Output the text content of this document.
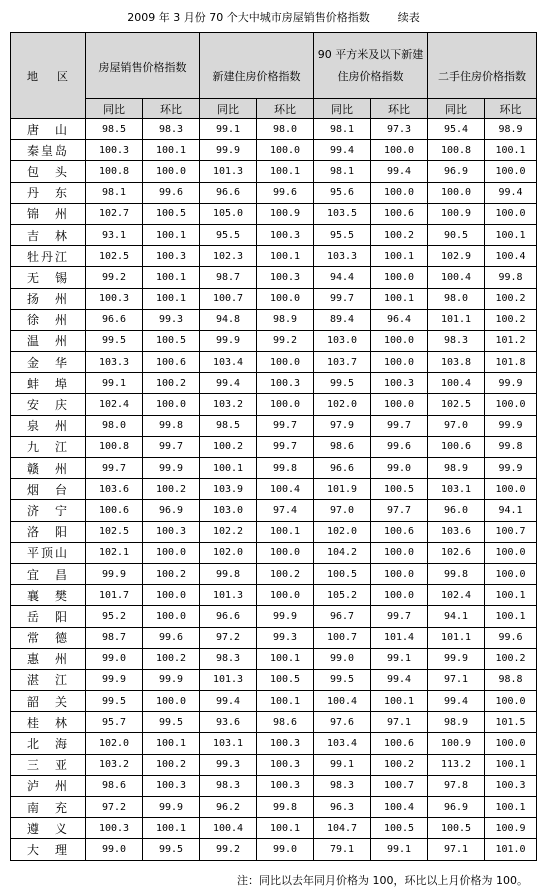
2009 年 3 月份 70 个大中城市房屋销售价格指数        续表
地    区	房屋销售价格指数		新建住房价格指数		90 平方米及以下新建住房价格指数		二手住房价格指数	
	同比	环比	同比	环比	同比	环比	同比	环比
唐　山	98.5	98.3	99.1	98.0	98.1	97.3	95.4	98.9
秦皇岛	100.3	100.1	99.9	100.0	99.4	100.0	100.8	100.1
包　头	100.8	100.0	101.3	100.1	98.1	99.4	96.9	100.0
丹　东	98.1	99.6	96.6	99.6	95.6	100.0	100.0	99.4
锦　州	102.7	100.5	105.0	100.9	103.5	100.6	100.9	100.0
吉　林	93.1	100.1	95.5	100.3	95.5	100.2	90.5	100.1
牡丹江	102.5	100.3	102.3	100.1	103.3	100.1	102.9	100.4
无　锡	99.2	100.1	98.7	100.3	94.4	100.0	100.4	99.8
扬　州	100.3	100.1	100.7	100.0	99.7	100.1	98.0	100.2
徐　州	96.6	99.3	94.8	98.9	89.4	96.4	101.1	100.2
温　州	99.5	100.5	99.9	99.2	103.0	100.0	98.3	101.2
金　华	103.3	100.6	103.4	100.0	103.7	100.0	103.8	101.8
蚌　埠	99.1	100.2	99.4	100.3	99.5	100.3	100.4	99.9
安　庆	102.4	100.0	103.2	100.0	102.0	100.0	102.5	100.0
泉　州	98.0	99.8	98.5	99.7	97.9	99.7	97.0	99.9
九　江	100.8	99.7	100.2	99.7	98.6	99.6	100.6	99.8
赣　州	99.7	99.9	100.1	99.8	96.6	99.0	98.9	99.9
烟　台	103.6	100.2	103.9	100.4	101.9	100.5	103.1	100.0
济　宁	100.6	96.9	103.0	97.4	97.0	97.7	96.0	94.1
洛　阳	102.5	100.3	102.2	100.1	102.0	100.6	103.6	100.7
平顶山	102.1	100.0	102.0	100.0	104.2	100.0	102.6	100.0
宜　昌	99.9	100.2	99.8	100.2	100.5	100.0	99.8	100.0
襄　樊	101.7	100.0	101.3	100.0	105.2	100.0	102.4	100.1
岳　阳	95.2	100.0	96.6	99.9	96.7	99.7	94.1	100.1
常　德	98.7	99.6	97.2	99.3	100.7	101.4	101.1	99.6
惠　州	99.0	100.2	98.3	100.1	99.0	99.1	99.9	100.2
湛　江	99.9	99.9	101.3	100.5	99.5	99.4	97.1	98.8
韶　关	99.5	100.0	99.4	100.1	100.4	100.1	99.4	100.0
桂　林	95.7	99.5	93.6	98.6	97.6	97.1	98.9	101.5
北　海	102.0	100.1	103.1	100.3	103.4	100.6	100.9	100.0
三　亚	103.2	100.2	99.3	100.3	99.1	100.2	113.2	100.1
泸　州	98.6	100.3	98.3	100.3	98.3	100.7	97.8	100.3
南　充	97.2	99.9	96.2	99.8	96.3	100.4	96.9	100.1
遵　义	100.3	100.1	100.4	100.1	104.7	100.5	100.5	100.9
大　理	99.0	99.5	99.2	99.0	79.1	99.1	97.1	101.0
注：同比以去年同月价格为 100，环比以上月价格为 100。
